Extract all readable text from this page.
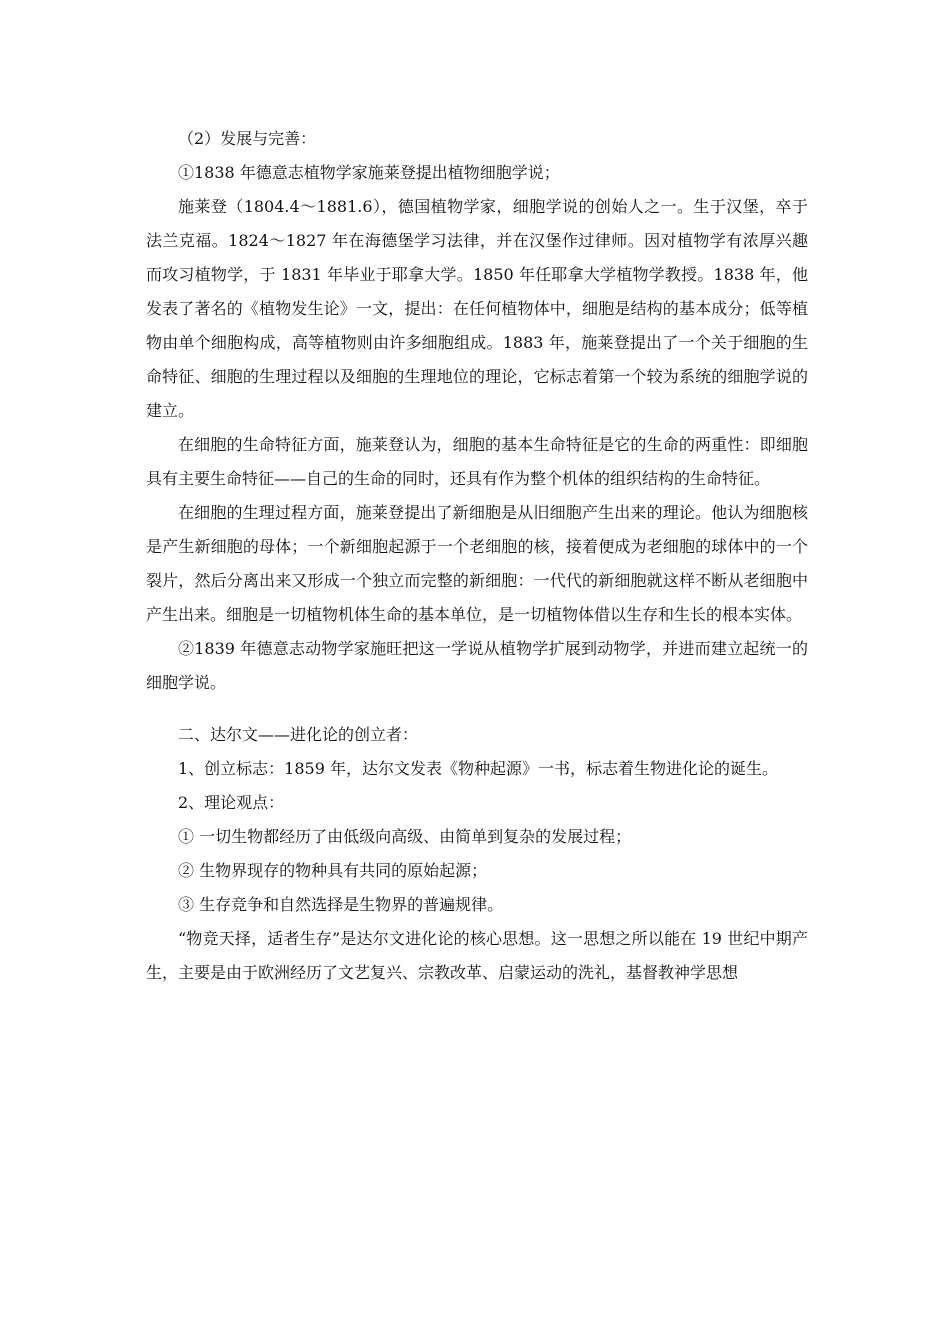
（2）发展与完善：

①1838 年德意志植物学家施莱登提出植物细胞学说；

施莱登（1804.4～1881.6），德国植物学家，细胞学说的创始人之一。生于汉堡，卒于法兰克福。1824～1827 年在海德堡学习法律，并在汉堡作过律师。因对植物学有浓厚兴趣而攻习植物学，于 1831 年毕业于耶拿大学。1850 年任耶拿大学植物学教授。1838 年，他发表了著名的《植物发生论》一文，提出：在任何植物体中，细胞是结构的基本成分；低等植物由单个细胞构成，高等植物则由许多细胞组成。1883 年，施莱登提出了一个关于细胞的生命特征、细胞的生理过程以及细胞的生理地位的理论，它标志着第一个较为系统的细胞学说的建立。

在细胞的生命特征方面，施莱登认为，细胞的基本生命特征是它的生命的两重性：即细胞具有主要生命特征——自己的生命的同时，还具有作为整个机体的组织结构的生命特征。

在细胞的生理过程方面，施莱登提出了新细胞是从旧细胞产生出来的理论。他认为细胞核是产生新细胞的母体；一个新细胞起源于一个老细胞的核，接着便成为老细胞的球体中的一个裂片，然后分离出来又形成一个独立而完整的新细胞：一代代的新细胞就这样不断从老细胞中产生出来。细胞是一切植物机体生命的基本单位，是一切植物体借以生存和生长的根本实体。

②1839 年德意志动物学家施旺把这一学说从植物学扩展到动物学，并进而建立起统一的细胞学说。

二、达尔文——进化论的创立者：

1、创立标志：1859 年，达尔文发表《物种起源》一书，标志着生物进化论的诞生。

2、理论观点：

① 一切生物都经历了由低级向高级、由简单到复杂的发展过程；

② 生物界现存的物种具有共同的原始起源；

③ 生存竞争和自然选择是生物界的普遍规律。

“物竞天择，适者生存”是达尔文进化论的核心思想。这一思想之所以能在 19 世纪中期产生，主要是由于欧洲经历了文艺复兴、宗教改革、启蒙运动的洗礼，基督教神学思想
